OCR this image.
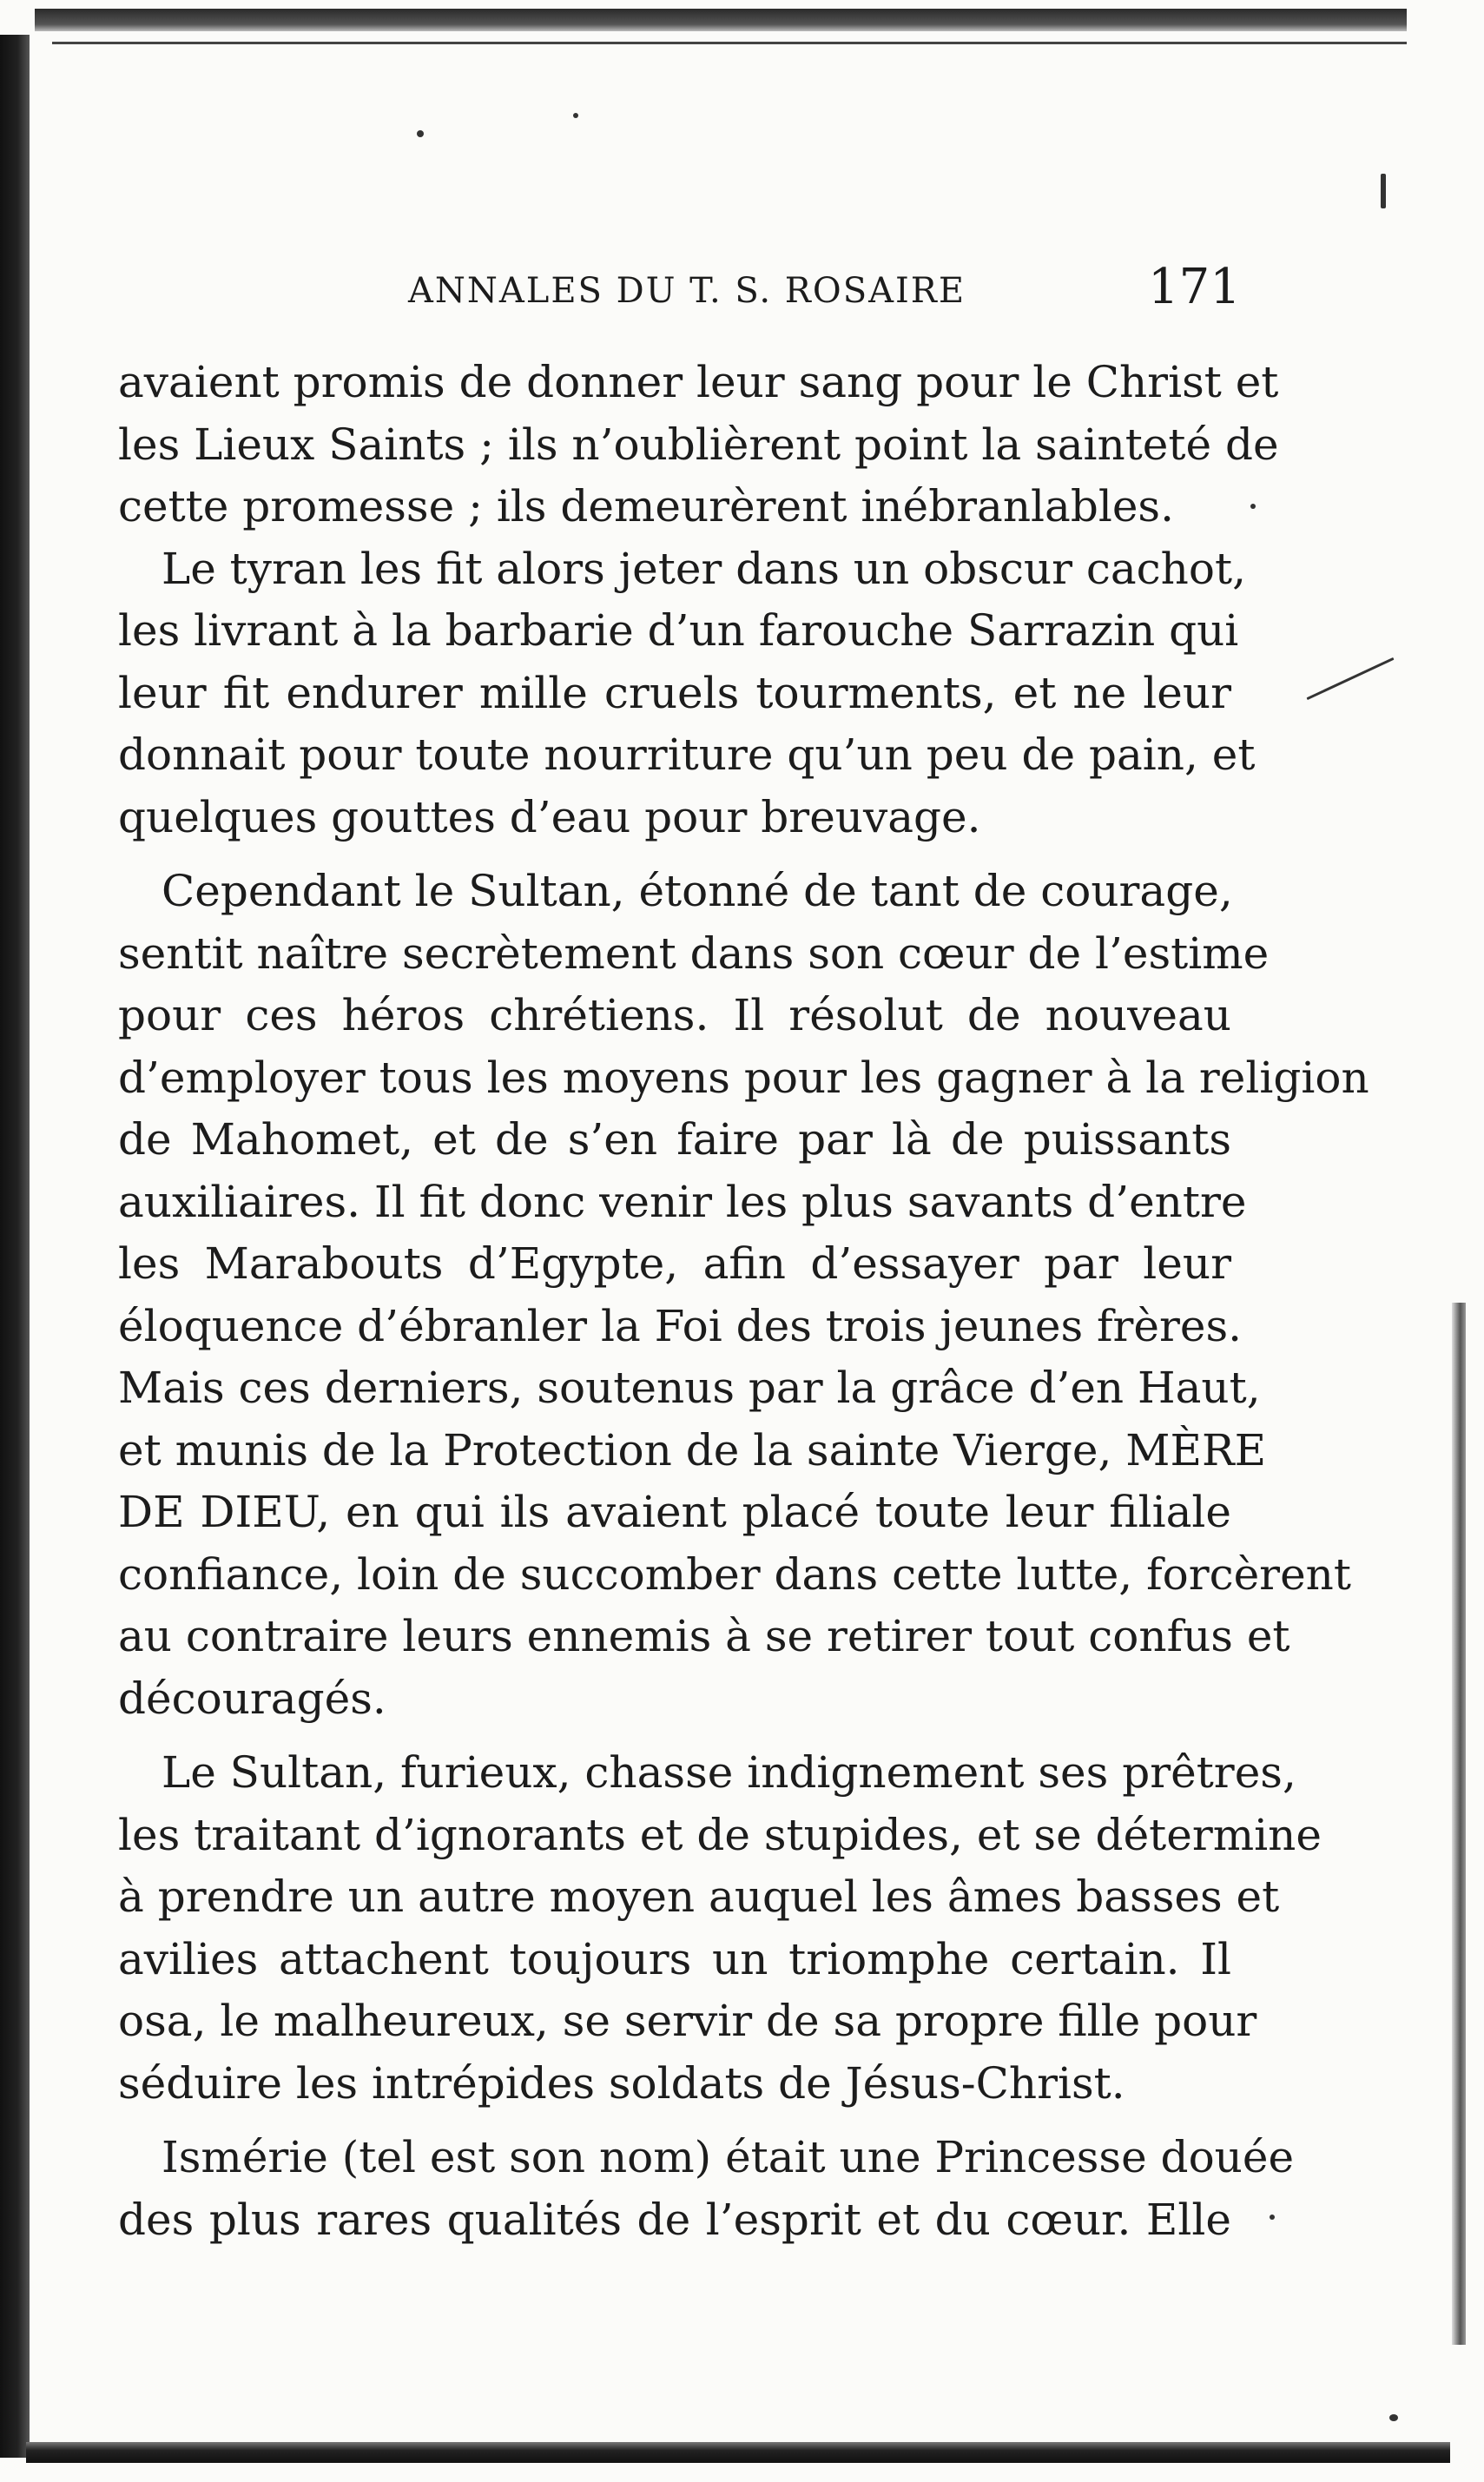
ANNALES DU T. S. ROSAIRE	171
avaient promis de donner leur sang pour le Christ et
les Lieux Saints ; ils n’oublièrent point la sainteté de
cette promesse ; ils demeurèrent inébranlables.
Le tyran les fit alors jeter dans un obscur cachot,
les livrant à la barbarie d’un farouche Sarrazin qui
leur fit endurer mille cruels tourments, et ne leur
donnait pour toute nourriture qu’un peu de pain, et
quelques gouttes d’eau pour breuvage.
Cependant le Sultan, étonné de tant de courage,
sentit naître secrètement dans son cœur de l’estime
pour ces héros chrétiens. Il résolut de nouveau
d’employer tous les moyens pour les gagner à la religion
de Mahomet, et de s’en faire par là de puissants
auxiliaires. Il fit donc venir les plus savants d’entre
les Marabouts d’Egypte, afin d’essayer par leur
éloquence d’ébranler la Foi des trois jeunes frères.
Mais ces derniers, soutenus par la grâce d’en Haut,
et munis de la Protection de la sainte Vierge, MÈRE
DE DIEU, en qui ils avaient placé toute leur filiale
confiance, loin de succomber dans cette lutte, forcèrent
au contraire leurs ennemis à se retirer tout confus et
découragés.
Le Sultan, furieux, chasse indignement ses prêtres,
les traitant d’ignorants et de stupides, et se détermine
à prendre un autre moyen auquel les âmes basses et
avilies attachent toujours un triomphe certain. Il
osa, le malheureux, se servir de sa propre fille pour
séduire les intrépides soldats de Jésus-Christ.
Ismérie (tel est son nom) était une Princesse douée
des plus rares qualités de l’esprit et du cœur. Elle
